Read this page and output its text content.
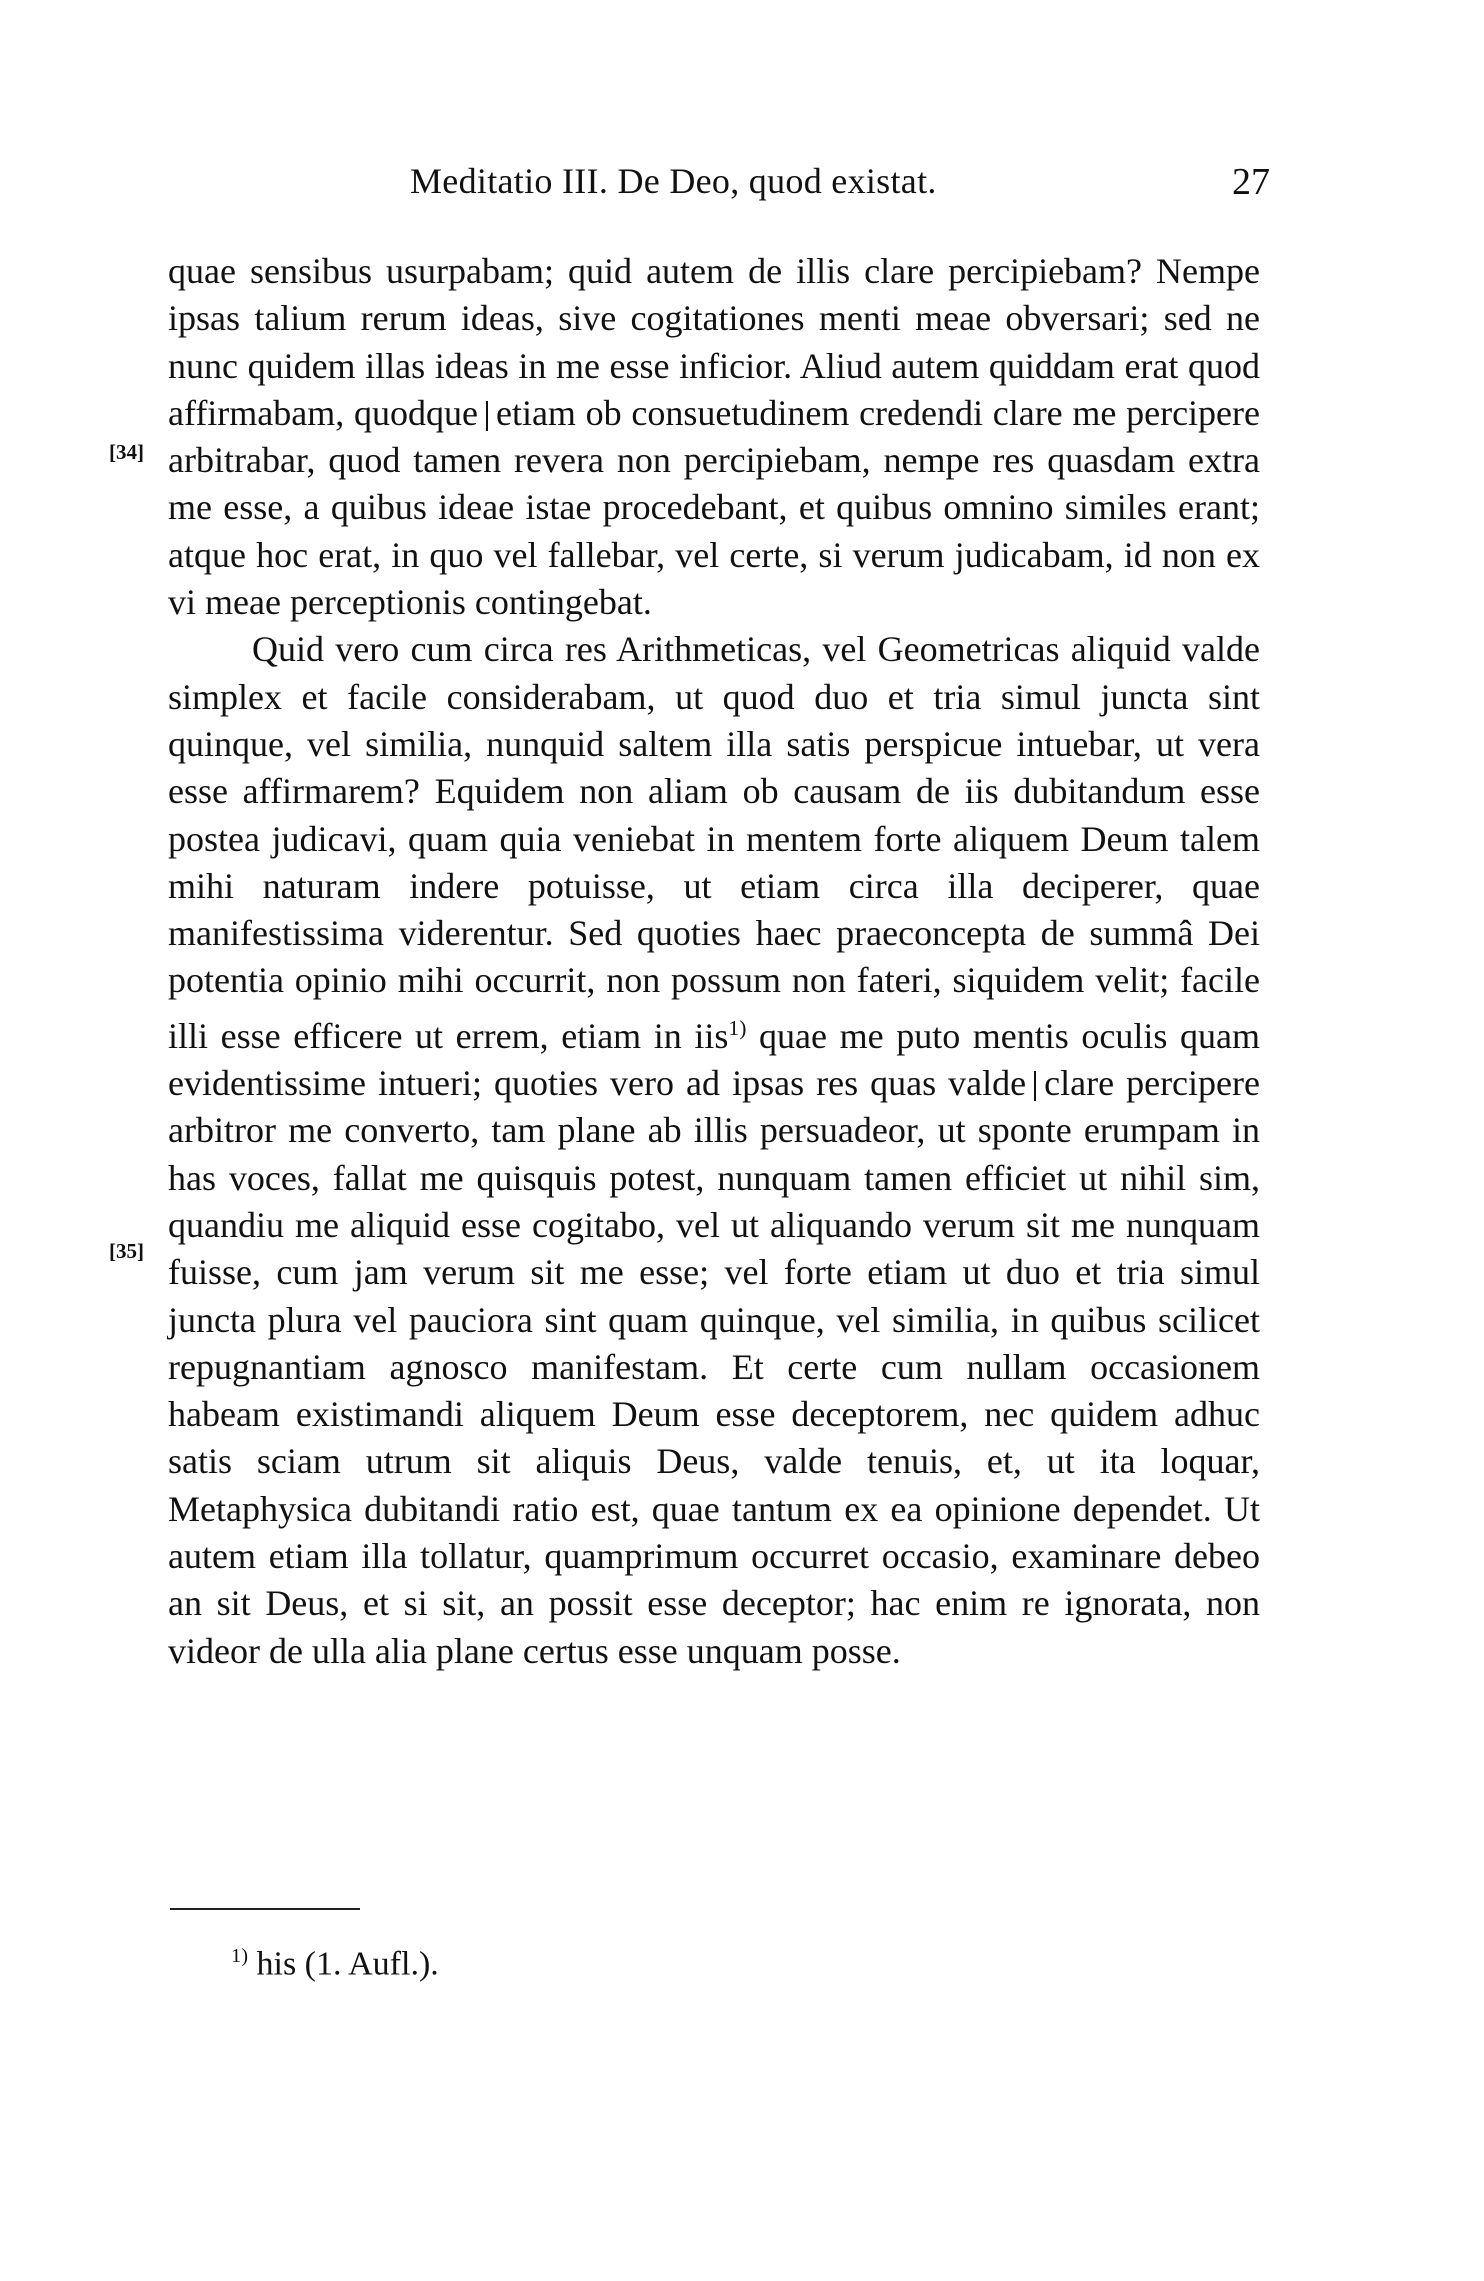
Meditatio III. De Deo, quod existat.	27
[34]
[35]

quae sensibus usurpabam; quid autem de illis clare percipiebam? Nempe ipsas talium rerum ideas, sive cogitationes menti meae obversari; sed ne nunc quidem illas ideas in me esse inficior. Aliud autem quiddam erat quod affirmabam, quodque etiam ob consuetudinem credendi clare me percipere arbitrabar, quod tamen revera non percipiebam, nempe res quasdam extra me esse, a quibus ideae istae procedebant, et quibus omnino similes erant; atque hoc erat, in quo vel fallebar, vel certe, si verum judicabam, id non ex vi meae perceptionis contingebat.

Quid vero cum circa res Arithmeticas, vel Geometricas aliquid valde simplex et facile considerabam, ut quod duo et tria simul juncta sint quinque, vel similia, nunquid saltem illa satis perspicue intuebar, ut vera esse affirmarem? Equidem non aliam ob causam de iis dubitandum esse postea judicavi, quam quia veniebat in mentem forte aliquem Deum talem mihi naturam indere potuisse, ut etiam circa illa deciperer, quae manifestissima viderentur. Sed quoties haec praeconcepta de summâ Dei potentia opinio mihi occurrit, non possum non fateri, siquidem velit; facile illi esse efficere ut errem, etiam in iis$^{1)}$ quae me puto mentis oculis quam evidentissime intueri; quoties vero ad ipsas res quas valde clare percipere arbitror me converto, tam plane ab illis persuadeor, ut sponte erumpam in has voces, fallat me quisquis potest, nunquam tamen efficiet ut nihil sim, quandiu me aliquid esse cogitabo, vel ut aliquando verum sit me nunquam fuisse, cum jam verum sit me esse; vel forte etiam ut duo et tria simul juncta plura vel pauciora sint quam quinque, vel similia, in quibus scilicet repugnantiam agnosco manifestam. Et certe cum nullam occasionem habeam existimandi aliquem Deum esse deceptorem, nec quidem adhuc satis sciam utrum sit aliquis Deus, valde tenuis, et, ut ita loquar, Metaphysica dubitandi ratio est, quae tantum ex ea opinione dependet. Ut autem etiam illa tollatur, quamprimum occurret occasio, examinare debeo an sit Deus, et si sit, an possit esse deceptor; hac enim re ignorata, non videor de ulla alia plane certus esse unquam posse.

$^{1)}$ his (1. Aufl.).
